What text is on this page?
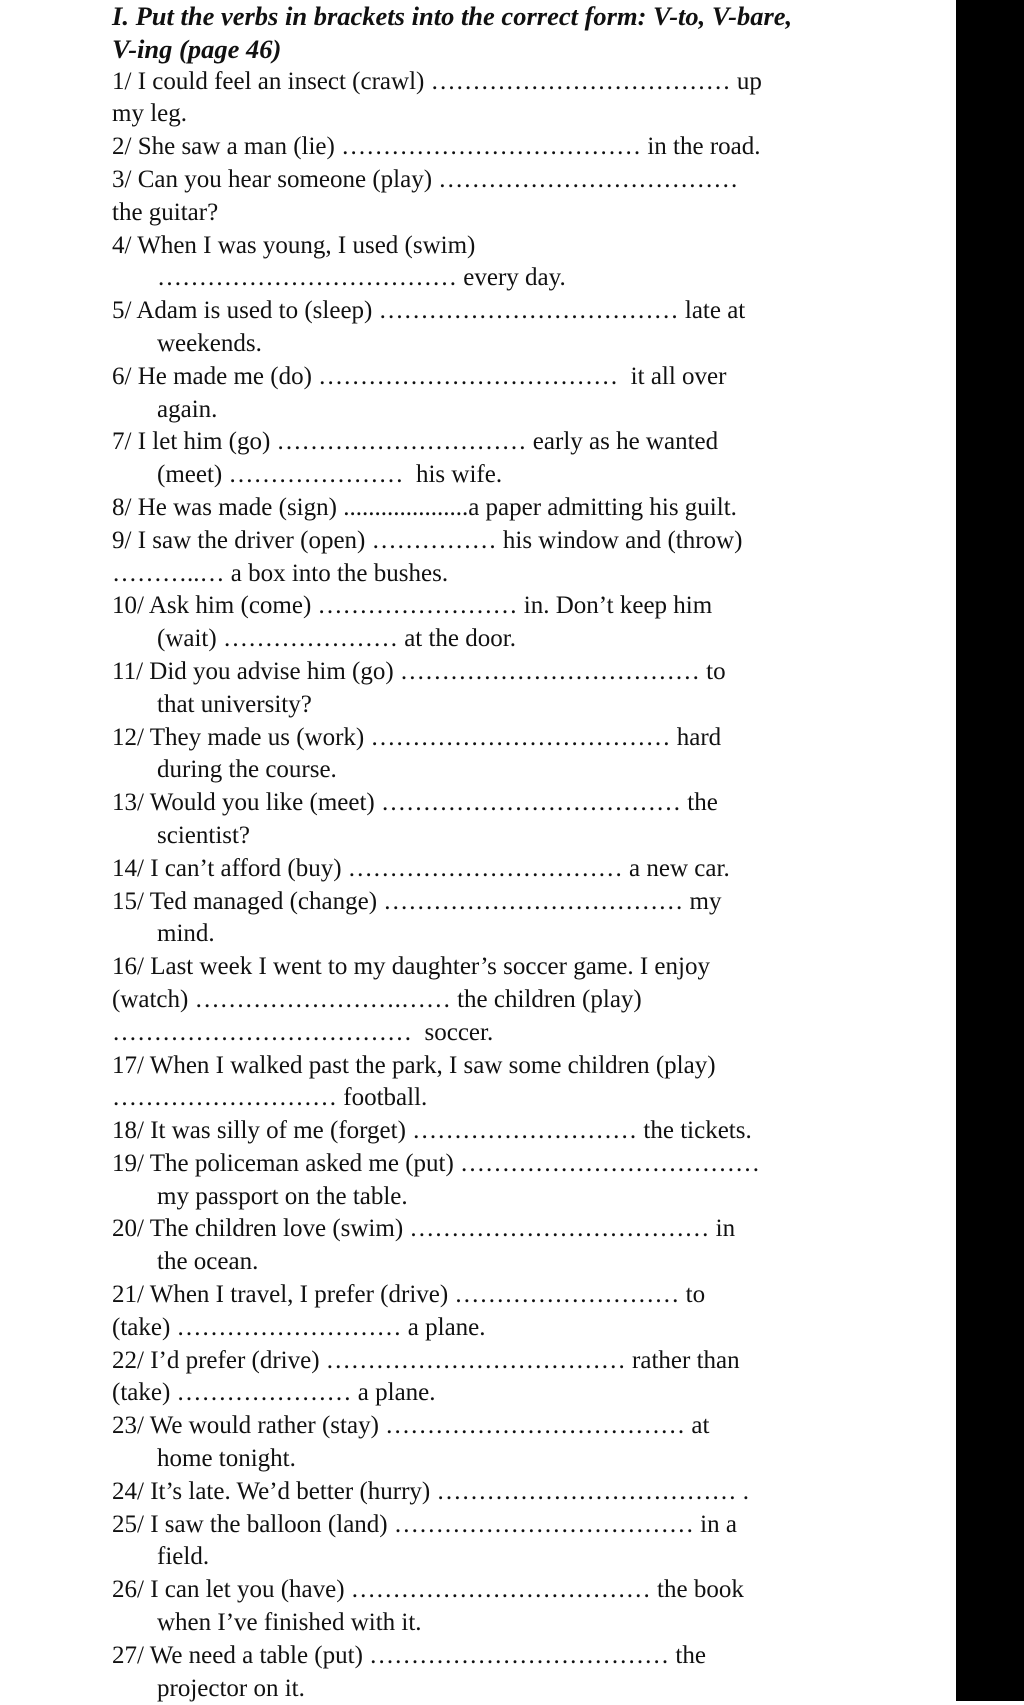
I. Put the verbs in brackets into the correct form: V-to, V-bare,
V-ing (page 46)
1/ I could feel an insect (crawl) ……………………………… up
my leg.
2/ She saw a man (lie) ……………………………… in the road.
3/ Can you hear someone (play) ………………………………
the guitar?
4/ When I was young, I used (swim)
……………………………… every day.
5/ Adam is used to (sleep) ……………………………… late at
weekends.
6/ He made me (do) ………………………………  it all over
again.
7/ I let him (go) ………………………… early as he wanted
(meet) …………………  his wife.
8/ He was made (sign) ....................a paper admitting his guilt.
9/ I saw the driver (open) …………… his window and (throw)
………..… a box into the bushes.
10/ Ask him (come) …………………… in. Don’t keep him
(wait) ………………… at the door.
11/ Did you advise him (go) ……………………………… to
that university?
12/ They made us (work) ……………………………… hard
during the course.
13/ Would you like (meet) ……………………………… the
scientist?
14/ I can’t afford (buy) …………………………… a new car.
15/ Ted managed (change) ……………………………… my
mind.
16/ Last week I went to my daughter’s soccer game. I enjoy
(watch) …………………….…… the children (play)
………………………………  soccer.
17/ When I walked past the park, I saw some children (play)
……………………… football.
18/ It was silly of me (forget) ……………………… the tickets.
19/ The policeman asked me (put) ………………………………
my passport on the table.
20/ The children love (swim) ……………………………… in
the ocean.
21/ When I travel, I prefer (drive) ……………………… to
(take) ……………………… a plane.
22/ I’d prefer (drive) ……………………………… rather than
(take) ………………… a plane.
23/ We would rather (stay) ……………………………… at
home tonight.
24/ It’s late. We’d better (hurry) ……………………………… .
25/ I saw the balloon (land) ……………………………… in a
field.
26/ I can let you (have) ……………………………… the book
when I’ve finished with it.
27/ We need a table (put) ……………………………… the
projector on it.
